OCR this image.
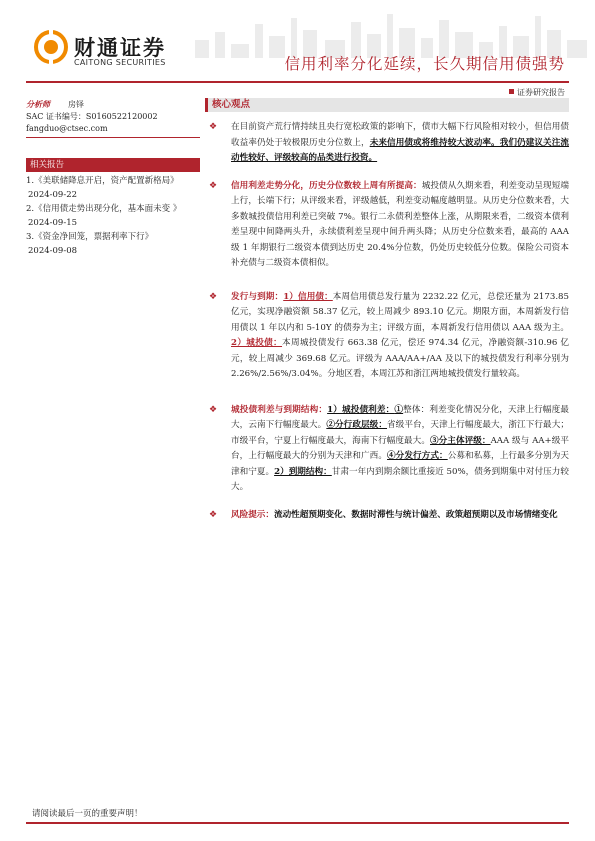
财通证券
CAITONG SECURITIES	信用利率分化延续，长久期信用债强势
证券研究报告
分析师 房铎
SAC 证书编号：S0160522120002
fangduo@ctsec.com
相关报告
1.《美联储降息开启，资产配置新格局》
2024-09-22
2.《信用债走势出现分化，基本面未变 》
2024-09-15
3.《资金净回笼，票据利率下行》
2024-09-08
核心观点
❖ 在目前资产荒行情持续且央行宽松政策的影响下，债市大幅下行风险相对较小，但信用债收益率仍处于较极限历史分位数上，未来信用债或将维持较大波动率。我们仍建议关注流动性较好、评级较高的品类进行投资。
❖ 信用利差走势分化，历史分位数较上周有所提高：城投债从久期来看，利差变动呈现短端上行，长端下行；从评级来看，评级越低，利差变动幅度越明显。从历史分位数来看，大多数城投债信用利差已突破 7%。银行二永债利差整体上涨，从期限来看，二级资本债利差呈现中间降两头升，永续债利差呈现中间升两头降；从历史分位数来看，最高的 AAA 级 1 年期银行二级资本债到达历史 20.4%分位数，仍处历史较低分位数。保险公司资本补充债与二级资本债相似。
❖ 发行与到期：1）信用债：本周信用债总发行量为 2232.22 亿元，总偿还量为 2173.85 亿元，实现净融资额 58.37 亿元，较上周减少 893.10 亿元。期限方面，本周新发行信用债以 1 年以内和 5-10Y 的债券为主；评级方面，本周新发行信用债以 AAA 级为主。2）城投债：本周城投债发行 663.38 亿元，偿还 974.34 亿元，净融资额-310.96 亿元，较上周减少 369.68 亿元。评级为 AAA/AA+/AA 及以下的城投债发行利率分别为 2.26%/2.56%/3.04%。分地区看，本周江苏和浙江两地城投债发行量较高。
❖ 城投债利差与到期结构：1）城投债利差：①整体：利差变化情况分化，天津上行幅度最大，云南下行幅度最大。②分行政层级：省级平台，天津上行幅度最大，浙江下行最大；市级平台，宁夏上行幅度最大，海南下行幅度最大。③分主体评级：AAA 级与 AA+级平台，上行幅度最大的分别为天津和广西。④分发行方式：公募和私募，上行最多分别为天津和宁夏。2）到期结构：甘肃一年内到期余额比重接近 50%，债务到期集中对付压力较大。
❖ 风险提示：流动性超预期变化、数据时滞性与统计偏差、政策超预期以及市场情绪变化
请阅读最后一页的重要声明！
